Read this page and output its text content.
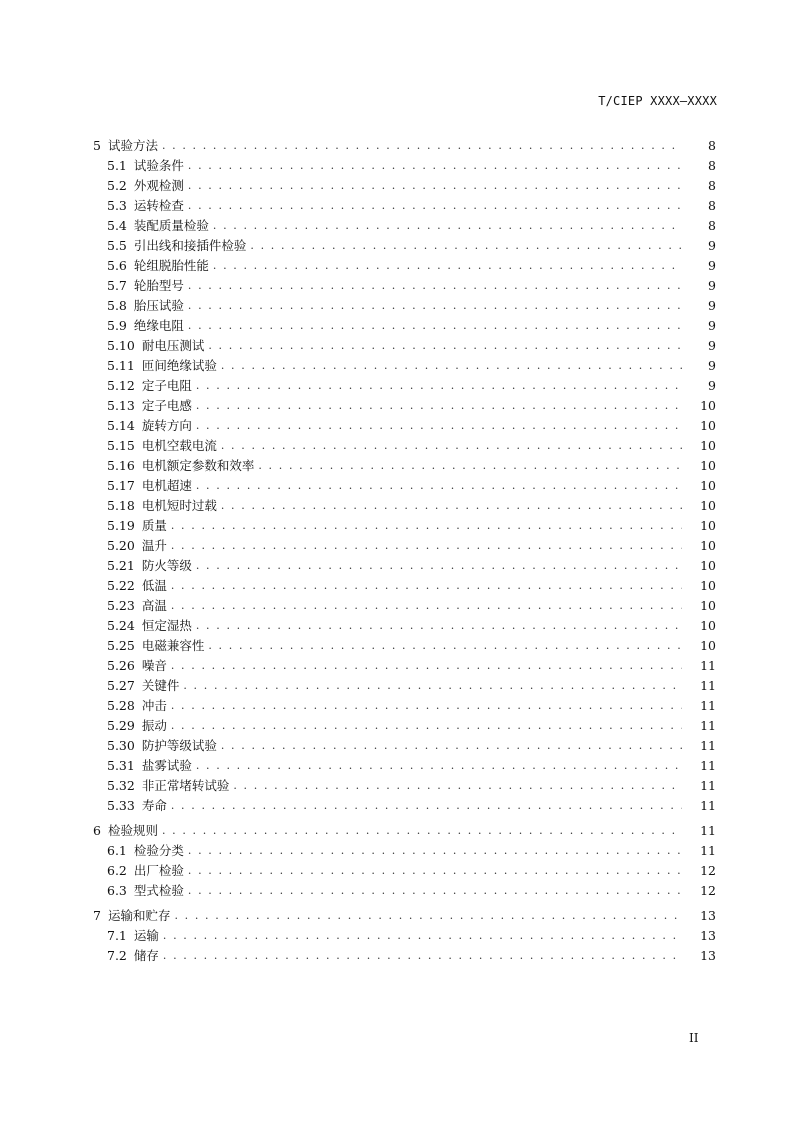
T/CIEP XXXX—XXXX
5 试验方法 . . .	8
5.1 试验条件 . . .	8
5.2 外观检测 . . .	8
5.3 运转检查 . . .	8
5.4 装配质量检验 . . .	8
5.5 引出线和接插件检验 . . .	9
5.6 轮组脱胎性能 . . .	9
5.7 轮胎型号 . . .	9
5.8 胎压试验 . . .	9
5.9 绝缘电阻 . . .	9
5.10 耐电压测试 . . .	9
5.11 匝间绝缘试验 . . .	9
5.12 定子电阻 . . .	9
5.13 定子电感 . . .	10
5.14 旋转方向 . . .	10
5.15 电机空载电流 . . .	10
5.16 电机额定参数和效率 . . .	10
5.17 电机超速 . . .	10
5.18 电机短时过载 . . .	10
5.19 质量 . . .	10
5.20 温升 . . .	10
5.21 防火等级 . . .	10
5.22 低温 . . .	10
5.23 高温 . . .	10
5.24 恒定湿热 . . .	10
5.25 电磁兼容性 . . .	10
5.26 噪音 . . .	11
5.27 关键件 . . .	11
5.28 冲击 . . .	11
5.29 振动 . . .	11
5.30 防护等级试验 . . .	11
5.31 盐雾试验 . . .	11
5.32 非正常堵转试验 . . .	11
5.33 寿命 . . .	11
6 检验规则 . . .	11
6.1 检验分类 . . .	11
6.2 出厂检验 . . .	12
6.3 型式检验 . . .	12
7 运输和贮存 . . .	13
7.1 运输 . . .	13
7.2 储存 . . .	13
II
